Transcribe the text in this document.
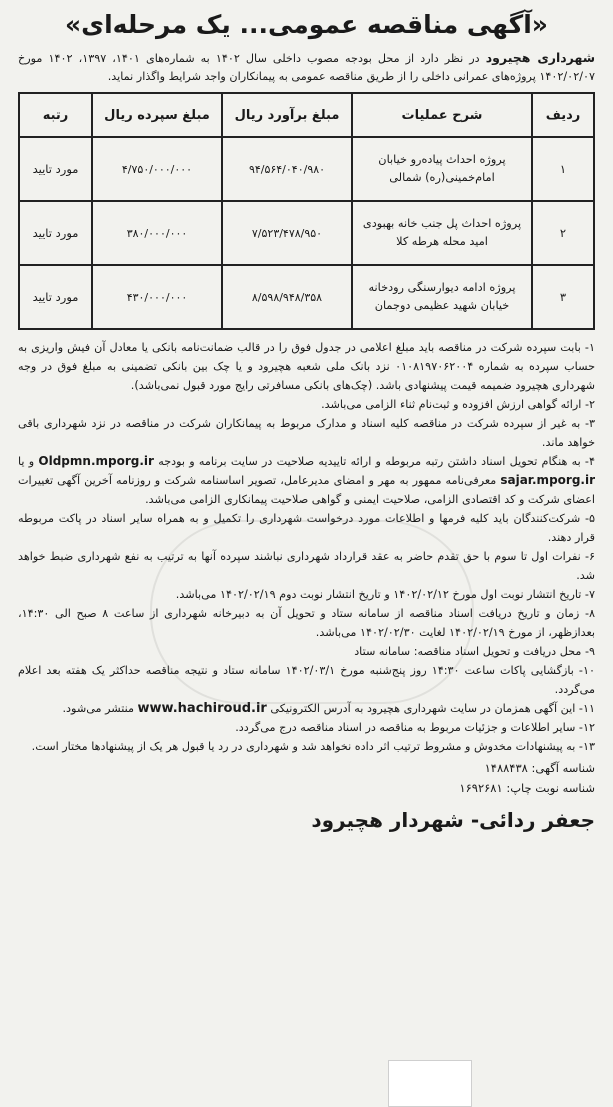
«آگهی مناقصه عمومی... یک مرحله‌ای»

شهرداری هچیرود در نظر دارد از محل بودجه مصوب داخلی سال ۱۴۰۲ به شماره‌های ۱۴۰۱، ۱۳۹۷، ۱۴۰۲ مورخ ۱۴۰۲/۰۲/۰۷ پروژه‌های عمرانی داخلی را از طریق مناقصه عمومی به پیمانکاران واجد شرایط واگذار نماید.

ردیف	شرح عملیات	مبلغ برآورد ریال	مبلغ سپرده ریال	رتبه
۱	پروژه احداث پیاده‌رو خیابان امام‌خمینی(ره) شمالی	۹۴/۵۶۴/۰۴۰/۹۸۰	۴/۷۵۰/۰۰۰/۰۰۰	مورد تایید
۲	پروژه احداث پل جنب خانه بهبودی امید محله هرطه کلا	۷/۵۲۳/۴۷۸/۹۵۰	۳۸۰/۰۰۰/۰۰۰	مورد تایید
۳	پروژه ادامه دیوارسنگی رودخانه خیابان شهید عظیمی دوجمان	۸/۵۹۸/۹۴۸/۳۵۸	۴۳۰/۰۰۰/۰۰۰	مورد تایید

۱- بابت سپرده شرکت در مناقصه باید مبلغ اعلامی در جدول فوق را در قالب ضمانت‌نامه بانکی یا معادل آن فیش واریزی به حساب سپرده به شماره ۰۱۰۸۱۹۷۰۶۲۰۰۴ نزد بانک ملی شعبه هچیرود و یا چک بین بانکی تضمینی به مبلغ فوق در وجه شهرداری هچیرود ضمیمه قیمت پیشنهادی باشد. (چک‌های بانکی مسافرتی رایج مورد قبول نمی‌باشد).

۲- ارائه گواهی ارزش افزوده و ثبت‌نام ثناء الزامی می‌باشد.

۳- به غیر از سپرده شرکت در مناقصه کلیه اسناد و مدارک مربوط به پیمانکاران شرکت در مناقصه در نزد شهرداری باقی خواهد ماند.

۴- به هنگام تحویل اسناد داشتن رتبه مربوطه و ارائه تاییدیه صلاحیت در سایت برنامه و بودجه Oldpmn.mporg.ir و یا sajar.mporg.ir معرفی‌نامه ممهور به مهر و امضای مدیرعامل، تصویر اساسنامه شرکت و روزنامه آخرین آگهی تغییرات اعضای شرکت و کد اقتصادی الزامی، صلاحیت ایمنی و گواهی صلاحیت پیمانکاری الزامی می‌باشد.

۵- شرکت‌کنندگان باید کلیه فرمها و اطلاعات مورد درخواست شهرداری را تکمیل و به همراه سایر اسناد در پاکت مربوطه قرار دهند.

۶- نفرات اول تا سوم با حق تقدم حاضر به عقد قرارداد شهرداری نباشند سپرده آنها به ترتیب به نفع شهرداری ضبط خواهد شد.

۷- تاریخ انتشار نوبت اول مورخ ۱۴۰۲/۰۲/۱۲ و تاریخ انتشار نوبت دوم ۱۴۰۲/۰۲/۱۹ می‌باشد.

۸- زمان و تاریخ دریافت اسناد مناقصه از سامانه ستاد و تحویل آن به دبیرخانه شهرداری از ساعت ۸ صبح الی ۱۴:۳۰، بعدازظهر، از مورخ ۱۴۰۲/۰۲/۱۹ لغایت ۱۴۰۲/۰۲/۳۰ می‌باشد.

۹- محل دریافت و تحویل اسناد مناقصه: سامانه ستاد

۱۰- بازگشایی پاکات ساعت ۱۴:۳۰ روز پنج‌شنبه مورخ ۱۴۰۲/۰۳/۱ سامانه ستاد و نتیجه مناقصه حداکثر یک هفته بعد اعلام می‌گردد.

۱۱- این آگهی همزمان در سایت شهرداری هچیرود به آدرس الکترونیکی www.hachiroud.ir منتشر می‌شود.

۱۲- سایر اطلاعات و جزئیات مربوط به مناقصه در اسناد مناقصه درج می‌گردد.

۱۳- به پیشنهادات مخدوش و مشروط ترتیب اثر داده نخواهد شد و شهرداری در رد یا قبول هر یک از پیشنهادها مختار است.

شناسه آگهی: ۱۴۸۸۴۳۸
شناسه نوبت چاپ: ۱۶۹۲۶۸۱
جعفر ردائی- شهردار هچیرود
